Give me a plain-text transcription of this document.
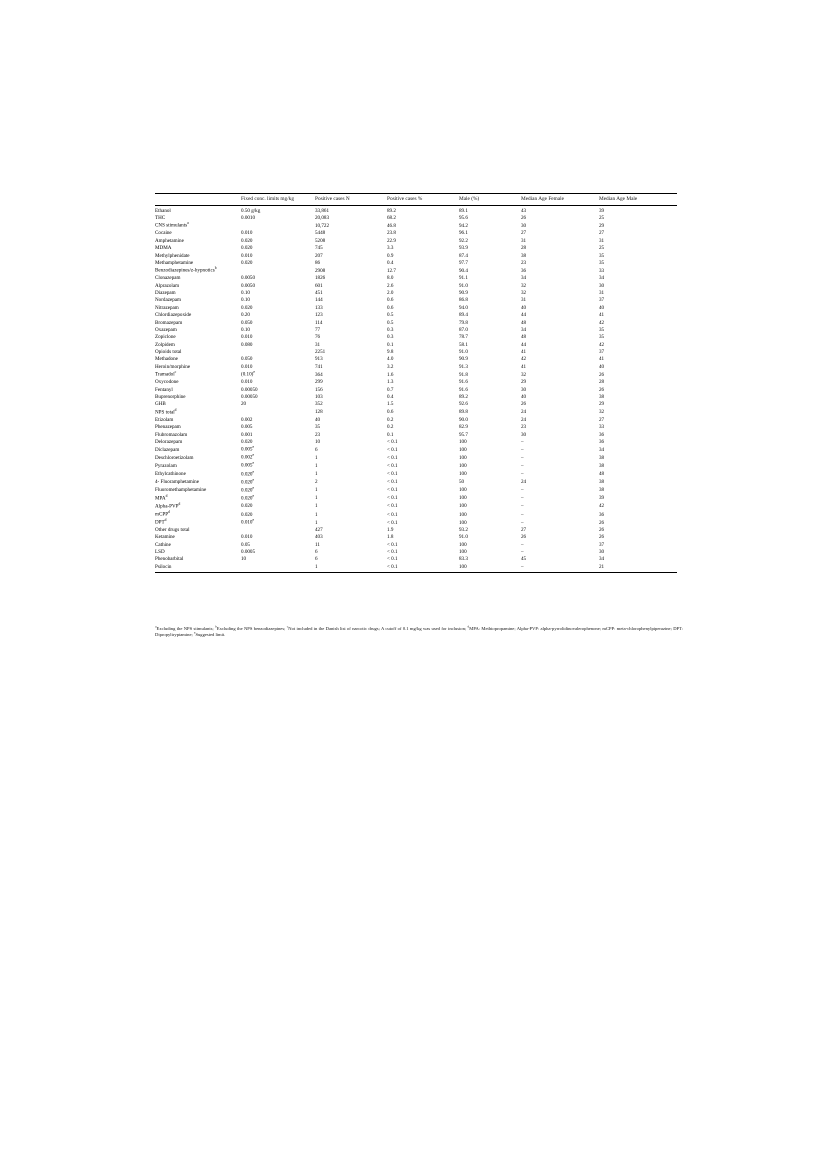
	Fixed conc. limits mg/kg	Positive cases N	Positive cases %	Male (%)	Median Age Female	Median Age Male
Ethanol	0.50 g/kg	33,861	89.2	89.1	43	39
THC	0.0010	20,083	68.2	95.6	26	25
CNS stimulants$^a$		10,722	46.8	94.2	30	29
Cocaine	0.010	5448	23.8	96.1	27	27
Amphetamine	0.020	5208	22.9	92.2	31	31
MDMA	0.020	745	3.3	93.9	28	25
Methylphenidate	0.010	207	0.9	87.4	38	35
Methamphetamine	0.020	86	0.4	97.7	23	35
Benzodiazepines/z-hypnotics$^b$		2908	12.7	90.4	36	33
Clonazepam	0.0050	1826	8.0	91.1	34	34
Alprazolam	0.0050	601	2.6	91.0	32	30
Diazepam	0.10	451	2.0	90.9	32	31
Nordazepam	0.10	144	0.6	86.8	31	37
Nitrazepam	0.020	133	0.6	94.0	40	40
Chlordiazepoxide	0.20	123	0.5	89.4	44	41
Bromazepam	0.050	114	0.5	79.8	48	42
Oxazepam	0.10	77	0.3	87.0	34	35
Zopiclone	0.010	76	0.3	78.7	48	35
Zolpidem	0.080	31	0.1	58.1	44	42
Opioids total		2251	9.8	91.0	41	37
Methadone	0.050	913	4.0	90.9	42	41
Heroin/morphine	0.010	741	3.2	91.3	41	40
Tramadol$^c$	$(0.10)^e$	364	1.6	91.8	32	26
Oxycodone	0.010	299	1.3	91.6	29	28
Fentanyl	0.00050	156	0.7	91.6	30	26
Buprenorphine	0.00050	103	0.4	89.2	40	38
GHB	20	352	1.5	92.6	26	29
NPS total$^d$		128	0.6	89.8	24	32
Etizolam	0.002	40	0.2	90.0	24	27
Phenazepam	0.005	35	0.2	82.9	23	33
Flubromazolam	0.001	23	0.1	95.7	30	36
Delorazepam	0.020	10	< 0.1	100	–	36
Diclazepam	0.005e	6	< 0.1	100	–	34
Deschloroetizolam	0.002e	1	< 0.1	100	–	38
Pyrazolam	0.005e	1	< 0.1	100	–	38
Ethylcathinone	0.020e	1	< 0.1	100	–	48
4- Fluoramphetamine	0.020e	2	< 0.1	50	24	38
Fluoromethamphetamine	0.020e	1	< 0.1	100	–	38
MPA$^d$	0.020e	1	< 0.1	100	–	39
Alpha-PVP$^d$	0.020	1	< 0.1	100	–	42
mCPP$^d$	0.020	1	< 0.1	100	–	36
DPT$^d$	0.010e	1	< 0.1	100	–	26
Other drugs total		427	1.9	93.2	27	26
Ketamine	0.010	403	1.8	91.0	26	26
Cathine	0.05	11	< 0.1	100	–	37
LSD	0.0005	6	< 0.1	100	–	30
Phenobarbital	10	6	< 0.1	83.3	45	34
Psilocin		1	< 0.1	100	–	21
$^a$Excluding the NPS stimulants; $^b$Excluding the NPS benzodiazepines; $^c$Not included in the Danish list of narcotic drugs; A cutoff of 0.1 mg/kg was used for inclusion; $^d$MPA: Methiopropamine; Alpha-PVP: alpha-pyrrolidinovalerophenone; mCPP: meta-chlorophenylpiperazine; DPT: Dipropyltryptamine; $^e$Suggested limit.
